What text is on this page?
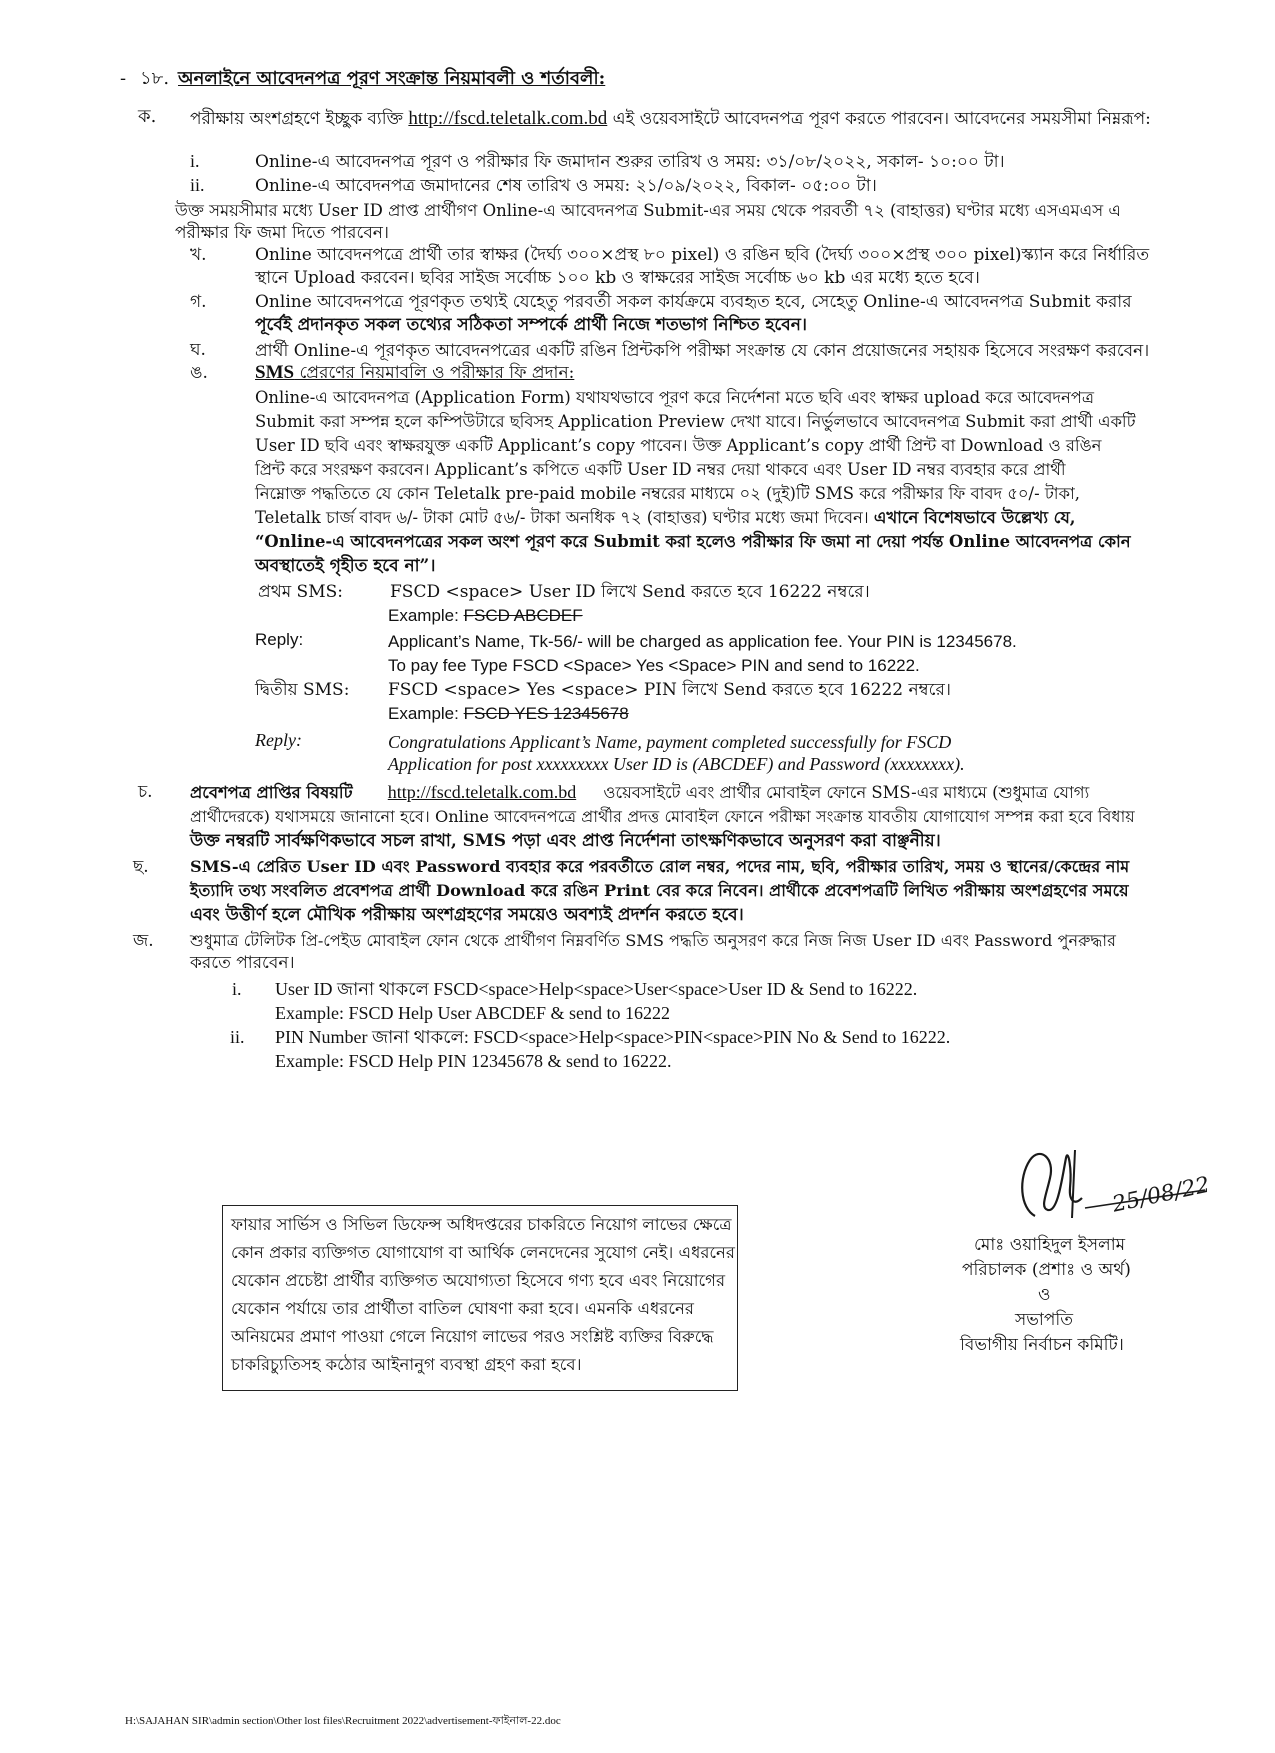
- ১৮. অনলাইনে আবেদনপত্র পূরণ সংক্রান্ত নিয়মাবলী ও শর্তাবলী:
ক. পরীক্ষায় অংশগ্রহণে ইচ্ছুক ব্যক্তি http://fscd.teletalk.com.bd এই ওয়েবসাইটে আবেদনপত্র পূরণ করতে পারবেন। আবেদনের সময়সীমা নিম্নরূপ:
i.	Online-এ আবেদনপত্র পূরণ ও পরীক্ষার ফি জমাদান শুরুর তারিখ ও সময়: ৩১/০৮/২০২২, সকাল- ১০:০০ টা।
ii.	Online-এ আবেদনপত্র জমাদানের শেষ তারিখ ও সময়: ২১/০৯/২০২২, বিকাল- ০৫:০০ টা।
উক্ত সময়সীমার মধ্যে User ID প্রাপ্ত প্রার্থীগণ Online-এ আবেদনপত্র Submit-এর সময় থেকে পরবর্তী ৭২ (বাহাত্তর) ঘণ্টার মধ্যে এসএমএস এ
পরীক্ষার ফি জমা দিতে পারবেন।
খ.	Online আবেদনপত্রে প্রার্থী তার স্বাক্ষর (দৈর্ঘ্য ৩০০×প্রস্থ ৮০ pixel) ও রঙিন ছবি (দৈর্ঘ্য ৩০০×প্রস্থ ৩০০ pixel)স্ক্যান করে নির্ধারিত
স্থানে Upload করবেন। ছবির সাইজ সর্বোচ্চ ১০০ kb ও স্বাক্ষরের সাইজ সর্বোচ্চ ৬০ kb এর মধ্যে হতে হবে।
গ.	Online আবেদনপত্রে পূরণকৃত তথ্যই যেহেতু পরবর্তী সকল কার্যক্রমে ব্যবহৃত হবে, সেহেতু Online-এ আবেদনপত্র Submit করার
পূর্বেই প্রদানকৃত সকল তথ্যের সঠিকতা সম্পর্কে প্রার্থী নিজে শতভাগ নিশ্চিত হবেন।
ঘ.	প্রার্থী Online-এ পূরণকৃত আবেদনপত্রের একটি রঙিন প্রিন্টকপি পরীক্ষা সংক্রান্ত যে কোন প্রয়োজনের সহায়ক হিসেবে সংরক্ষণ করবেন।
ঙ. SMS প্রেরণের নিয়মাবলি ও পরীক্ষার ফি প্রদান:
Online-এ আবেদনপত্র (Application Form) যথাযথভাবে পূরণ করে নির্দেশনা মতে ছবি এবং স্বাক্ষর upload করে আবেদনপত্র
Submit করা সম্পন্ন হলে কম্পিউটারে ছবিসহ Application Preview দেখা যাবে। নির্ভুলভাবে আবেদনপত্র Submit করা প্রার্থী একটি
User ID ছবি এবং স্বাক্ষরযুক্ত একটি Applicant’s copy পাবেন। উক্ত Applicant’s copy প্রার্থী প্রিন্ট বা Download ও রঙিন
প্রিন্ট করে সংরক্ষণ করবেন। Applicant’s কপিতে একটি User ID নম্বর দেয়া থাকবে এবং User ID নম্বর ব্যবহার করে প্রার্থী
নিম্নোক্ত পদ্ধতিতে যে কোন Teletalk pre-paid mobile নম্বরের মাধ্যমে ০২ (দুই)টি SMS করে পরীক্ষার ফি বাবদ ৫০/- টাকা,
Teletalk চার্জ বাবদ ৬/- টাকা মোট ৫৬/- টাকা অনধিক ৭২ (বাহাত্তর) ঘণ্টার মধ্যে জমা দিবেন। এখানে বিশেষভাবে উল্লেখ্য যে,
“Online-এ আবেদনপত্রের সকল অংশ পূরণ করে Submit করা হলেও পরীক্ষার ফি জমা না দেয়া পর্যন্ত Online আবেদনপত্র কোন
অবস্থাতেই গৃহীত হবে না”।
প্রথম SMS:	FSCD <space> User ID লিখে Send করতে হবে 16222 নম্বরে।
Example: FSCD ABCDEF
Reply:	Applicant’s Name, Tk-56/- will be charged as application fee. Your PIN is 12345678.
To pay fee Type FSCD <Space> Yes <Space> PIN and send to 16222.
দ্বিতীয় SMS: FSCD <space> Yes <space> PIN লিখে Send করতে হবে 16222 নম্বরে।
Example: FSCD YES 12345678
Reply:	Congratulations Applicant’s Name, payment completed successfully for FSCD
Application for post xxxxxxxxx User ID is (ABCDEF) and Password (xxxxxxxx).
চ. প্রবেশপত্র প্রাপ্তির বিষয়টি http://fscd.teletalk.com.bd ওয়েবসাইটে এবং প্রার্থীর মোবাইল ফোনে SMS-এর মাধ্যমে (শুধুমাত্র যোগ্য
প্রার্থীদেরকে) যথাসময়ে জানানো হবে। Online আবেদনপত্রে প্রার্থীর প্রদত্ত মোবাইল ফোনে পরীক্ষা সংক্রান্ত যাবতীয় যোগাযোগ সম্পন্ন করা হবে বিধায়
উক্ত নম্বরটি সার্বক্ষণিকভাবে সচল রাখা, SMS পড়া এবং প্রাপ্ত নির্দেশনা তাৎক্ষণিকভাবে অনুসরণ করা বাঞ্ছনীয়।
ছ.	SMS-এ প্রেরিত User ID এবং Password ব্যবহার করে পরবর্তীতে রোল নম্বর, পদের নাম, ছবি, পরীক্ষার তারিখ, সময় ও স্থানের/কেন্দ্রের নাম
ইত্যাদি তথ্য সংবলিত প্রবেশপত্র প্রার্থী Download করে রঙিন Print বের করে নিবেন। প্রার্থীকে প্রবেশপত্রটি লিখিত পরীক্ষায় অংশগ্রহণের সময়ে
এবং উত্তীর্ণ হলে মৌখিক পরীক্ষায় অংশগ্রহণের সময়েও অবশ্যই প্রদর্শন করতে হবে।
জ. শুধুমাত্র টেলিটক প্রি-পেইড মোবাইল ফোন থেকে প্রার্থীগণ নিম্নবর্ণিত SMS পদ্ধতি অনুসরণ করে নিজ নিজ User ID এবং Password পুনরুদ্ধার
করতে পারবেন।
i. User ID জানা থাকলে FSCD<space>Help<space>User<space>User ID & Send to 16222.
Example: FSCD Help User ABCDEF & send to 16222
ii. PIN Number জানা থাকলে: FSCD<space>Help<space>PIN<space>PIN No & Send to 16222.
Example: FSCD Help PIN 12345678 & send to 16222.
ফায়ার সার্ভিস ও সিভিল ডিফেন্স অধিদপ্তরের চাকরিতে নিয়োগ লাভের ক্ষেত্রে
কোন প্রকার ব্যক্তিগত যোগাযোগ বা আর্থিক লেনদেনের সুযোগ নেই। এধরনের
যেকোন প্রচেষ্টা প্রার্থীর ব্যক্তিগত অযোগ্যতা হিসেবে গণ্য হবে এবং নিয়োগের
যেকোন পর্যায়ে তার প্রার্থীতা বাতিল ঘোষণা করা হবে। এমনকি এধরনের
অনিয়মের প্রমাণ পাওয়া গেলে নিয়োগ লাভের পরও সংশ্লিষ্ট ব্যক্তির বিরুদ্ধে
চাকরিচ্যুতিসহ কঠোর আইনানুগ ব্যবস্থা গ্রহণ করা হবে।
25/08/22
মোঃ ওয়াহিদুল ইসলাম
পরিচালক (প্রশাঃ ও অর্থ)
ও
সভাপতি
বিভাগীয় নির্বাচন কমিটি।
H:\SAJAHAN SIR\admin section\Other lost files\Recruitment 2022\advertisement-ফাইনাল-22.doc
